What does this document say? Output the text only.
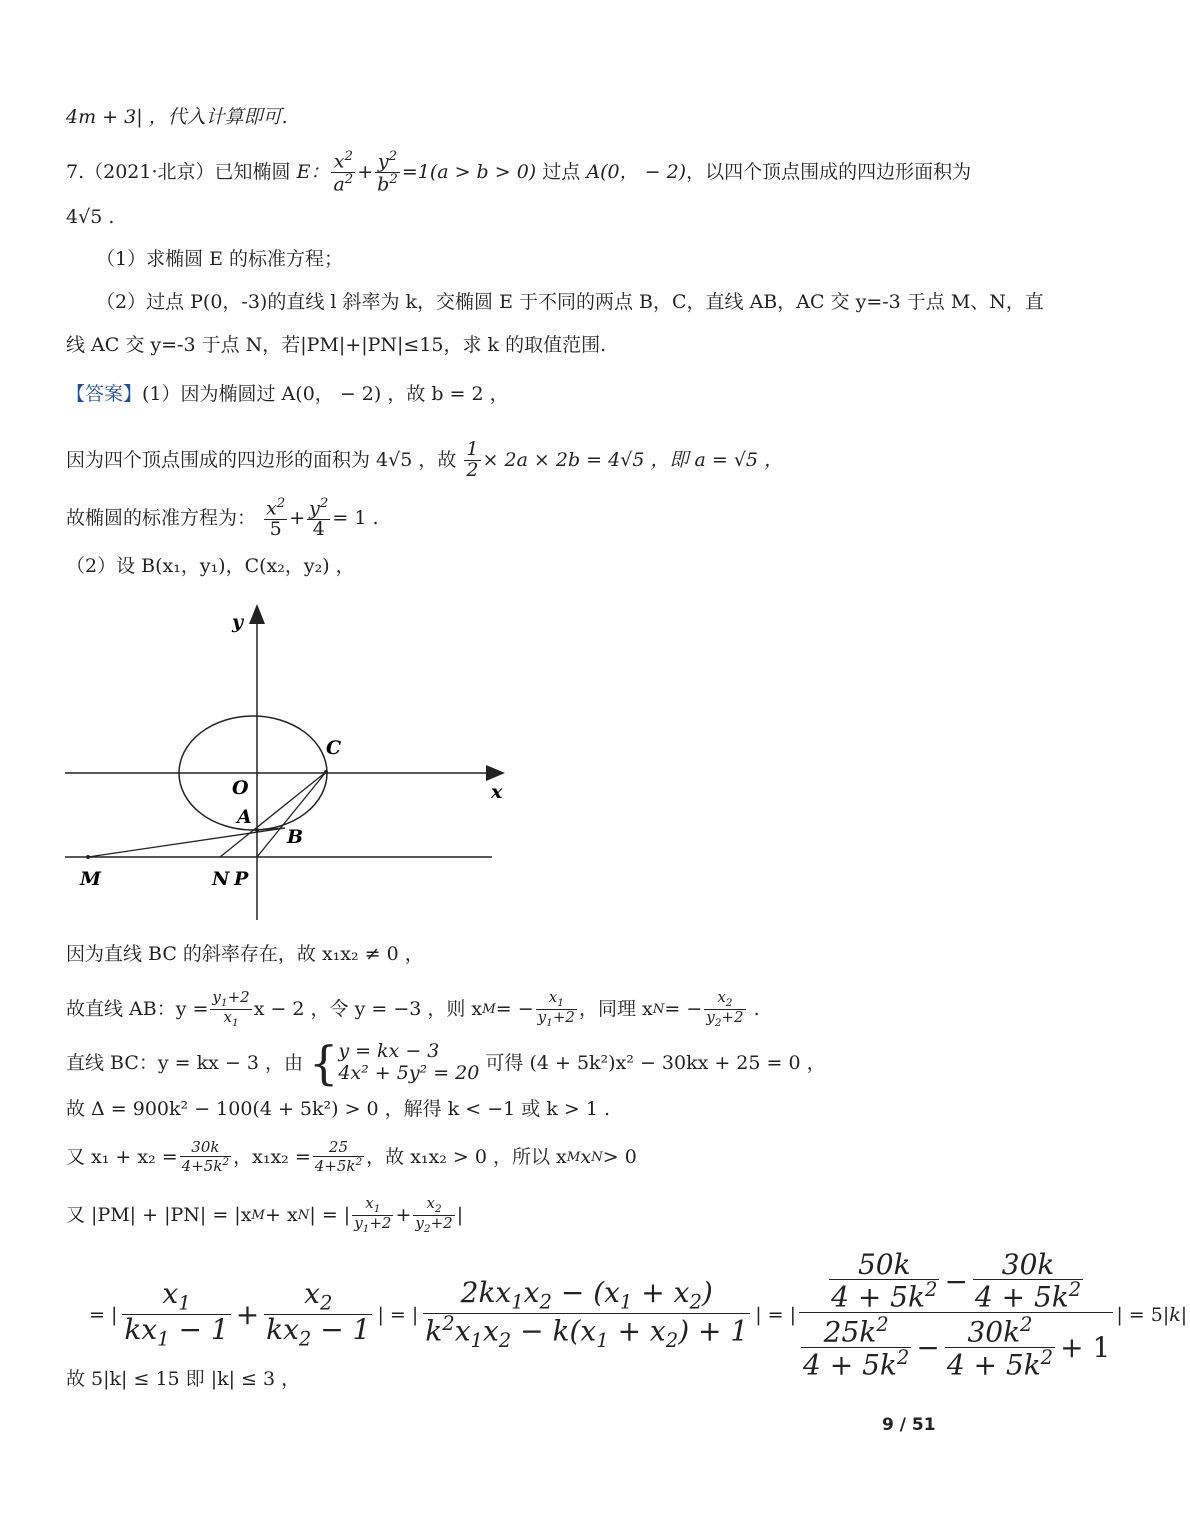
4m + 3| ，代入计算即可.
7.（2021·北京）已知椭圆
E： $\frac{x^2}{a^2} + \frac{y^2}{b^2} =1(a > b > 0)$
过点
A(0， − 2) ，以四个顶点围成的四边形面积为
4√5 .
（1）求椭圆 E 的标准方程；
（2）过点 P(0，-3)的直线 l 斜率为 k，交椭圆 E 于不同的两点 B，C，直线 AB，AC 交 y=-3 于点 M、N，直
线 AC 交 y=-3 于点 N，若|PM|+|PN|≤15，求 k 的取值范围.
【答案】(1）因为椭圆过 A(0， − 2) ，故 b = 2 ，
因为四个顶点围成的四边形的面积为 4√5 ，故
$\frac{1}{2} \times 2a \times 2b = 4√5$ ，即 a = √5 ，
故椭圆的标准方程为：
$\frac{x^2}{5} + \frac{y^2}{4} = 1$ .
（2）设 B(x₁，y₁)，C(x₂，y₂) ，
y
x
O
C
A
B
M	N P
因为直线 BC 的斜率存在，故 x₁x₂ ≠ 0 ，
故直线 AB：$y = \frac{y_1+2}{x_1}$ x − 2 ，令 y = −3 ，则 x M = − $\frac{x_1}{y_1+2}$ ，同理 x N = − $\frac{x_2}{y_2+2}$ .
直线 BC：y = kx − 3 ，由
{ y = kx − 3
4x² + 5y² = 20
可得 (4 + 5k²)x² − 30kx + 25 = 0 ，
故 Δ = 900k² − 100(4 + 5k²) > 0 ，解得 k < −1 或 k > 1 .
又 $x_1 + x_2 = \frac{30k}{4+5k^2}$ ，$x_1x_2 = \frac{25}{4+5k^2}$ ，故 x₁x₂ > 0 ，所以 x M x N > 0
又 |PM| + |PN| = |x M + x N | = | $\frac{x_1}{y_1+2} + \frac{x_2}{y_2+2}$ |
= | $\frac{x_1}{kx_1 - 1} + \frac{x_2}{kx_2 - 1}$ | = | $\frac{2kx_1x_2 - (x_1 + x_2)}{k^2x_1x_2 - k(x_1 + x_2) + 1}$ | = |
$\frac{50k}{4 + 5k^2} - \frac{30k}{4 + 5k^2}$
$\frac{25k^2}{4 + 5k^2} - \frac{30k^2}{4 + 5k^2} + 1$
| = 5|k|
故 5|k| ≤ 15 即 |k| ≤ 3 ，
9 / 51
